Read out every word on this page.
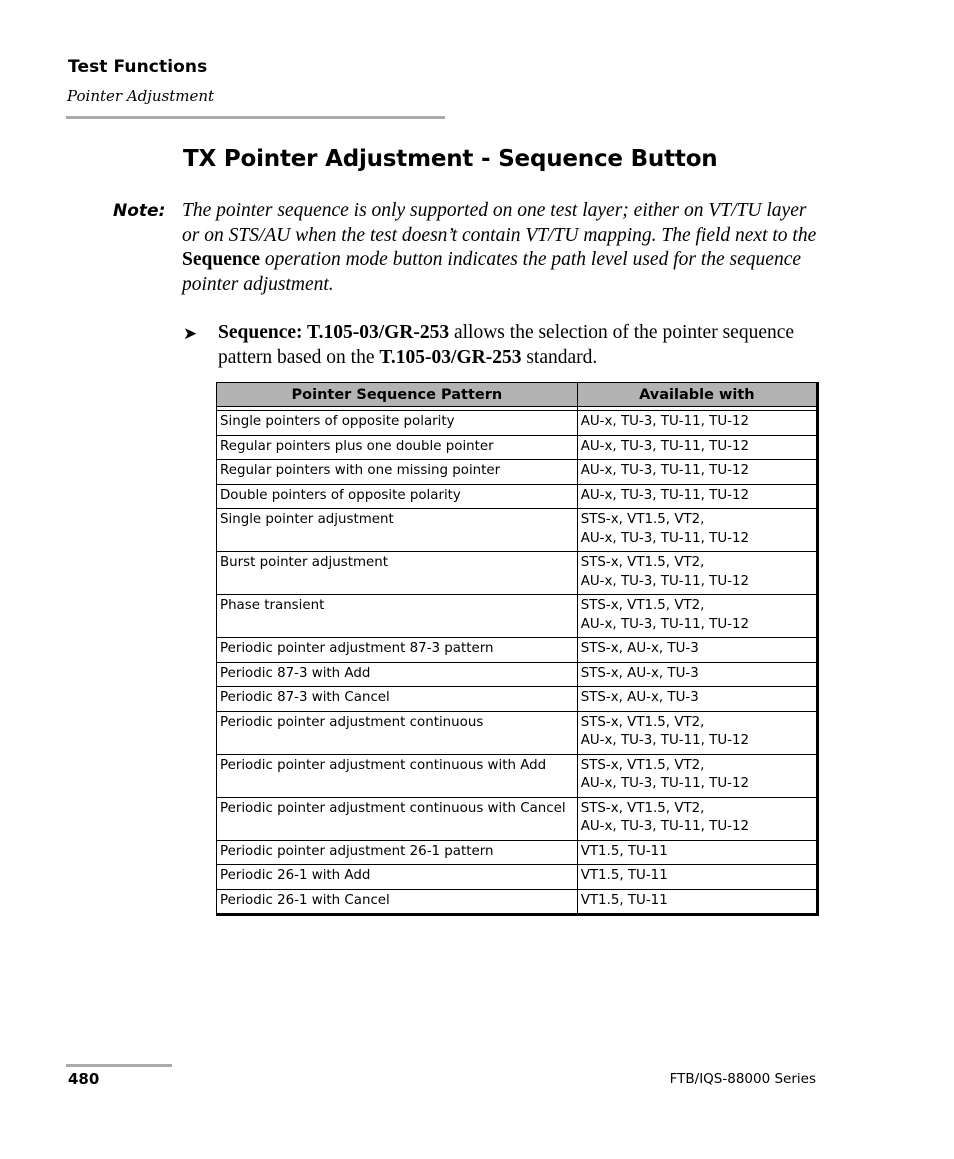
Test Functions
Pointer Adjustment
TX Pointer Adjustment - Sequence Button
Note: The pointer sequence is only supported on one test layer; either on VT/TU layer or on STS/AU when the test doesn’t contain VT/TU mapping. The field next to the Sequence operation mode button indicates the path level used for the sequence pointer adjustment.
➤ Sequence: T.105-03/GR-253 allows the selection of the pointer sequence pattern based on the T.105-03/GR-253 standard.
Pointer Sequence Pattern	Available with

Single pointers of opposite polarity	AU-x, TU-3, TU-11, TU-12
Regular pointers plus one double pointer	AU-x, TU-3, TU-11, TU-12
Regular pointers with one missing pointer	AU-x, TU-3, TU-11, TU-12
Double pointers of opposite polarity	AU-x, TU-3, TU-11, TU-12
Single pointer adjustment	STS-x, VT1.5, VT2,
AU-x, TU-3, TU-11, TU-12
Burst pointer adjustment	STS-x, VT1.5, VT2,
AU-x, TU-3, TU-11, TU-12
Phase transient	STS-x, VT1.5, VT2,
AU-x, TU-3, TU-11, TU-12
Periodic pointer adjustment 87-3 pattern	STS-x, AU-x, TU-3
Periodic 87-3 with Add	STS-x, AU-x, TU-3
Periodic 87-3 with Cancel	STS-x, AU-x, TU-3
Periodic pointer adjustment continuous	STS-x, VT1.5, VT2,
AU-x, TU-3, TU-11, TU-12
Periodic pointer adjustment continuous with Add	STS-x, VT1.5, VT2,
AU-x, TU-3, TU-11, TU-12
Periodic pointer adjustment continuous with Cancel	STS-x, VT1.5, VT2,
AU-x, TU-3, TU-11, TU-12
Periodic pointer adjustment 26-1 pattern	VT1.5, TU-11
Periodic 26-1 with Add	VT1.5, TU-11
Periodic 26-1 with Cancel	VT1.5, TU-11
480	FTB/IQS-88000 Series
